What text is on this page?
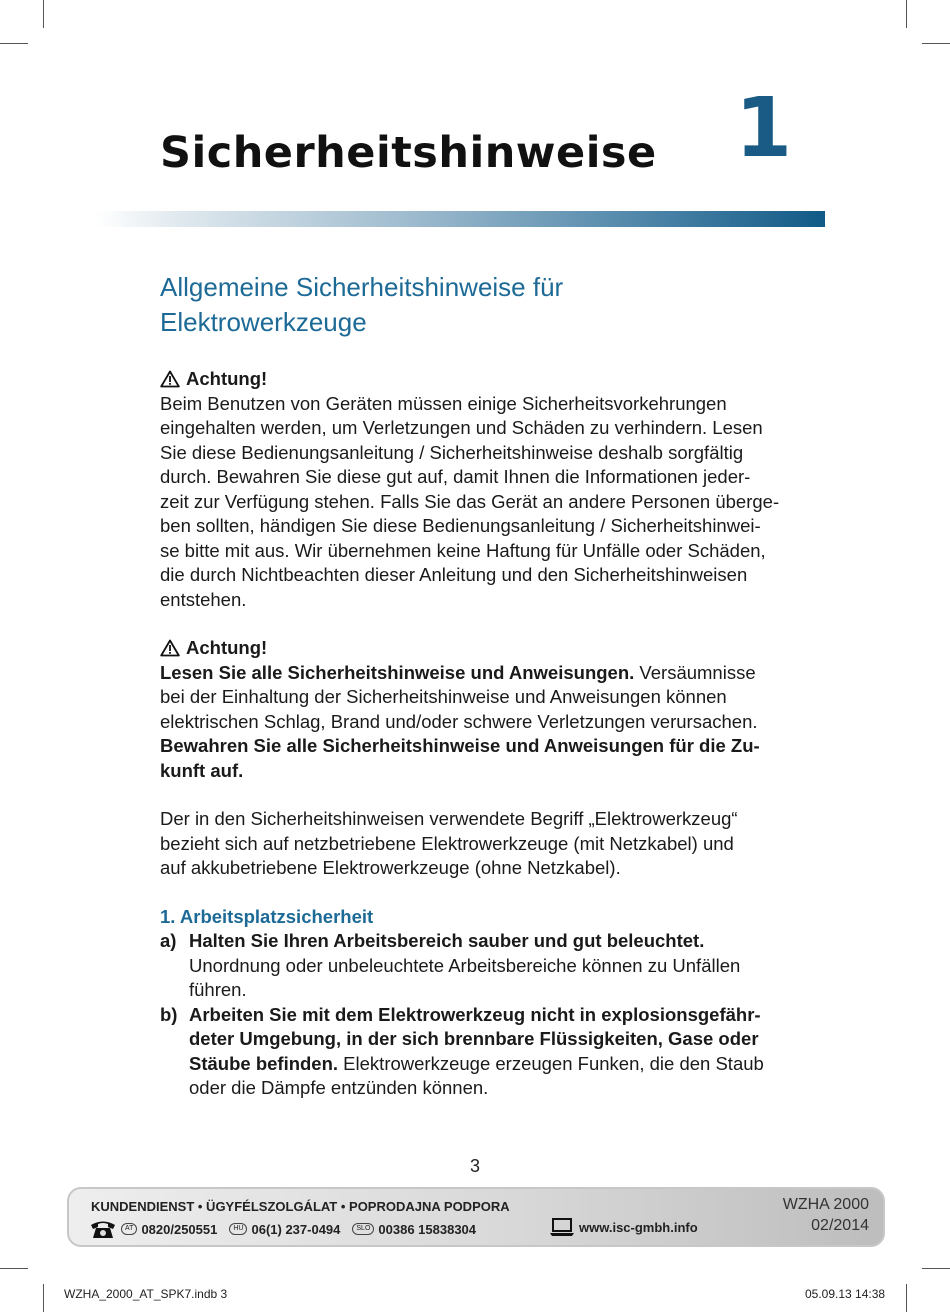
Sicherheitshinweise 1
Allgemeine Sicherheitshinweise für
Elektrowerkzeuge
Achtung!

Beim Benutzen von Geräten müssen einige Sicherheitsvorkehrungen
eingehalten werden, um Verletzungen und Schäden zu verhindern. Lesen
Sie diese Bedienungsanleitung / Sicherheitshinweise deshalb sorgfältig
durch. Bewahren Sie diese gut auf, damit Ihnen die Informationen jeder-
zeit zur Verfügung stehen. Falls Sie das Gerät an andere Personen überge-
ben sollten, händigen Sie diese Bedienungsanleitung / Sicherheitshinwei-
se bitte mit aus. Wir übernehmen keine Haftung für Unfälle oder Schäden,
die durch Nichtbeachten dieser Anleitung und den Sicherheitshinweisen
entstehen.

Achtung!

Lesen Sie alle Sicherheitshinweise und Anweisungen. Versäumnisse
bei der Einhaltung der Sicherheitshinweise und Anweisungen können
elektrischen Schlag, Brand und/oder schwere Verletzungen verursachen.
Bewahren Sie alle Sicherheitshinweise und Anweisungen für die Zu-
kunft auf.

Der in den Sicherheitshinweisen verwendete Begriff „Elektrowerkzeug“
bezieht sich auf netzbetriebene Elektrowerkzeuge (mit Netzkabel) und
auf akkubetriebene Elektrowerkzeuge (ohne Netzkabel).

1. Arbeitsplatzsicherheit
a) Halten Sie Ihren Arbeitsbereich sauber und gut beleuchtet.
Unordnung oder unbeleuchtete Arbeitsbereiche können zu Unfällen
führen.
b) Arbeiten Sie mit dem Elektrowerkzeug nicht in explosionsgefähr-
deter Umgebung, in der sich brennbare Flüssigkeiten, Gase oder
Stäube befinden. Elektrowerkzeuge erzeugen Funken, die den Staub
oder die Dämpfe entzünden können.
3
KUNDENDIENST • ÜGYFÉLSZOLGÁLAT • POPRODAJNA PODPORA
AT 0820/250551	HU 06(1) 237-0494	SLO 00386 15838304	www.isc-gmbh.info
WZHA 2000
02/2014
WZHA_2000_AT_SPK7.indb 3	05.09.13 14:38
